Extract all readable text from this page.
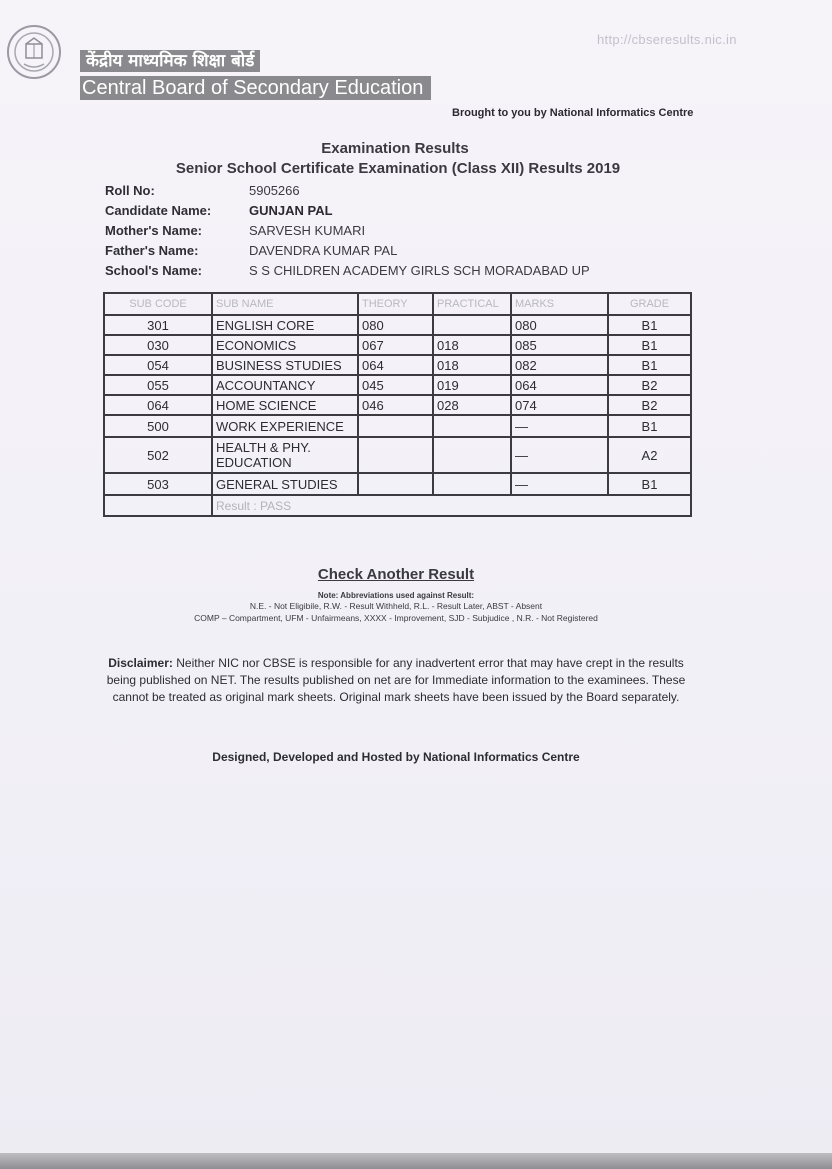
http://cbseresults.nic.in
केंद्रीय माध्यमिक शिक्षा बोर्ड
Central Board of Secondary Education
Brought to you by National Informatics Centre
Examination Results
Senior School Certificate Examination (Class XII) Results 2019
Roll No:	5905266
Candidate Name:	GUNJAN PAL
Mother's Name:	SARVESH KUMARI
Father's Name:	DAVENDRA KUMAR PAL
School's Name:	S S CHILDREN ACADEMY GIRLS SCH MORADABAD UP
SUB CODE	SUB NAME	THEORY	PRACTICAL	MARKS	GRADE
301	ENGLISH CORE	080		080	B1
030	ECONOMICS	067	018	085	B1
054	BUSINESS STUDIES	064	018	082	B1
055	ACCOUNTANCY	045	019	064	B2
064	HOME SCIENCE	046	028	074	B2
500	WORK EXPERIENCE			—	B1
502	HEALTH & PHY. EDUCATION			—	A2
503	GENERAL STUDIES			—	B1
	Result : PASS				
Check Another Result
Note: Abbreviations used against Result:
N.E. - Not Eligibile, R.W. - Result Withheld, R.L. - Result Later, ABST - Absent
COMP – Compartment, UFM - Unfairmeans, XXXX - Improvement, SJD - Subjudice , N.R. - Not Registered
Disclaimer: Neither NIC nor CBSE is responsible for any inadvertent error that may have crept in the results being published on NET. The results published on net are for Immediate information to the examinees. These cannot be treated as original mark sheets. Original mark sheets have been issued by the Board separately.
Designed, Developed and Hosted by National Informatics Centre
